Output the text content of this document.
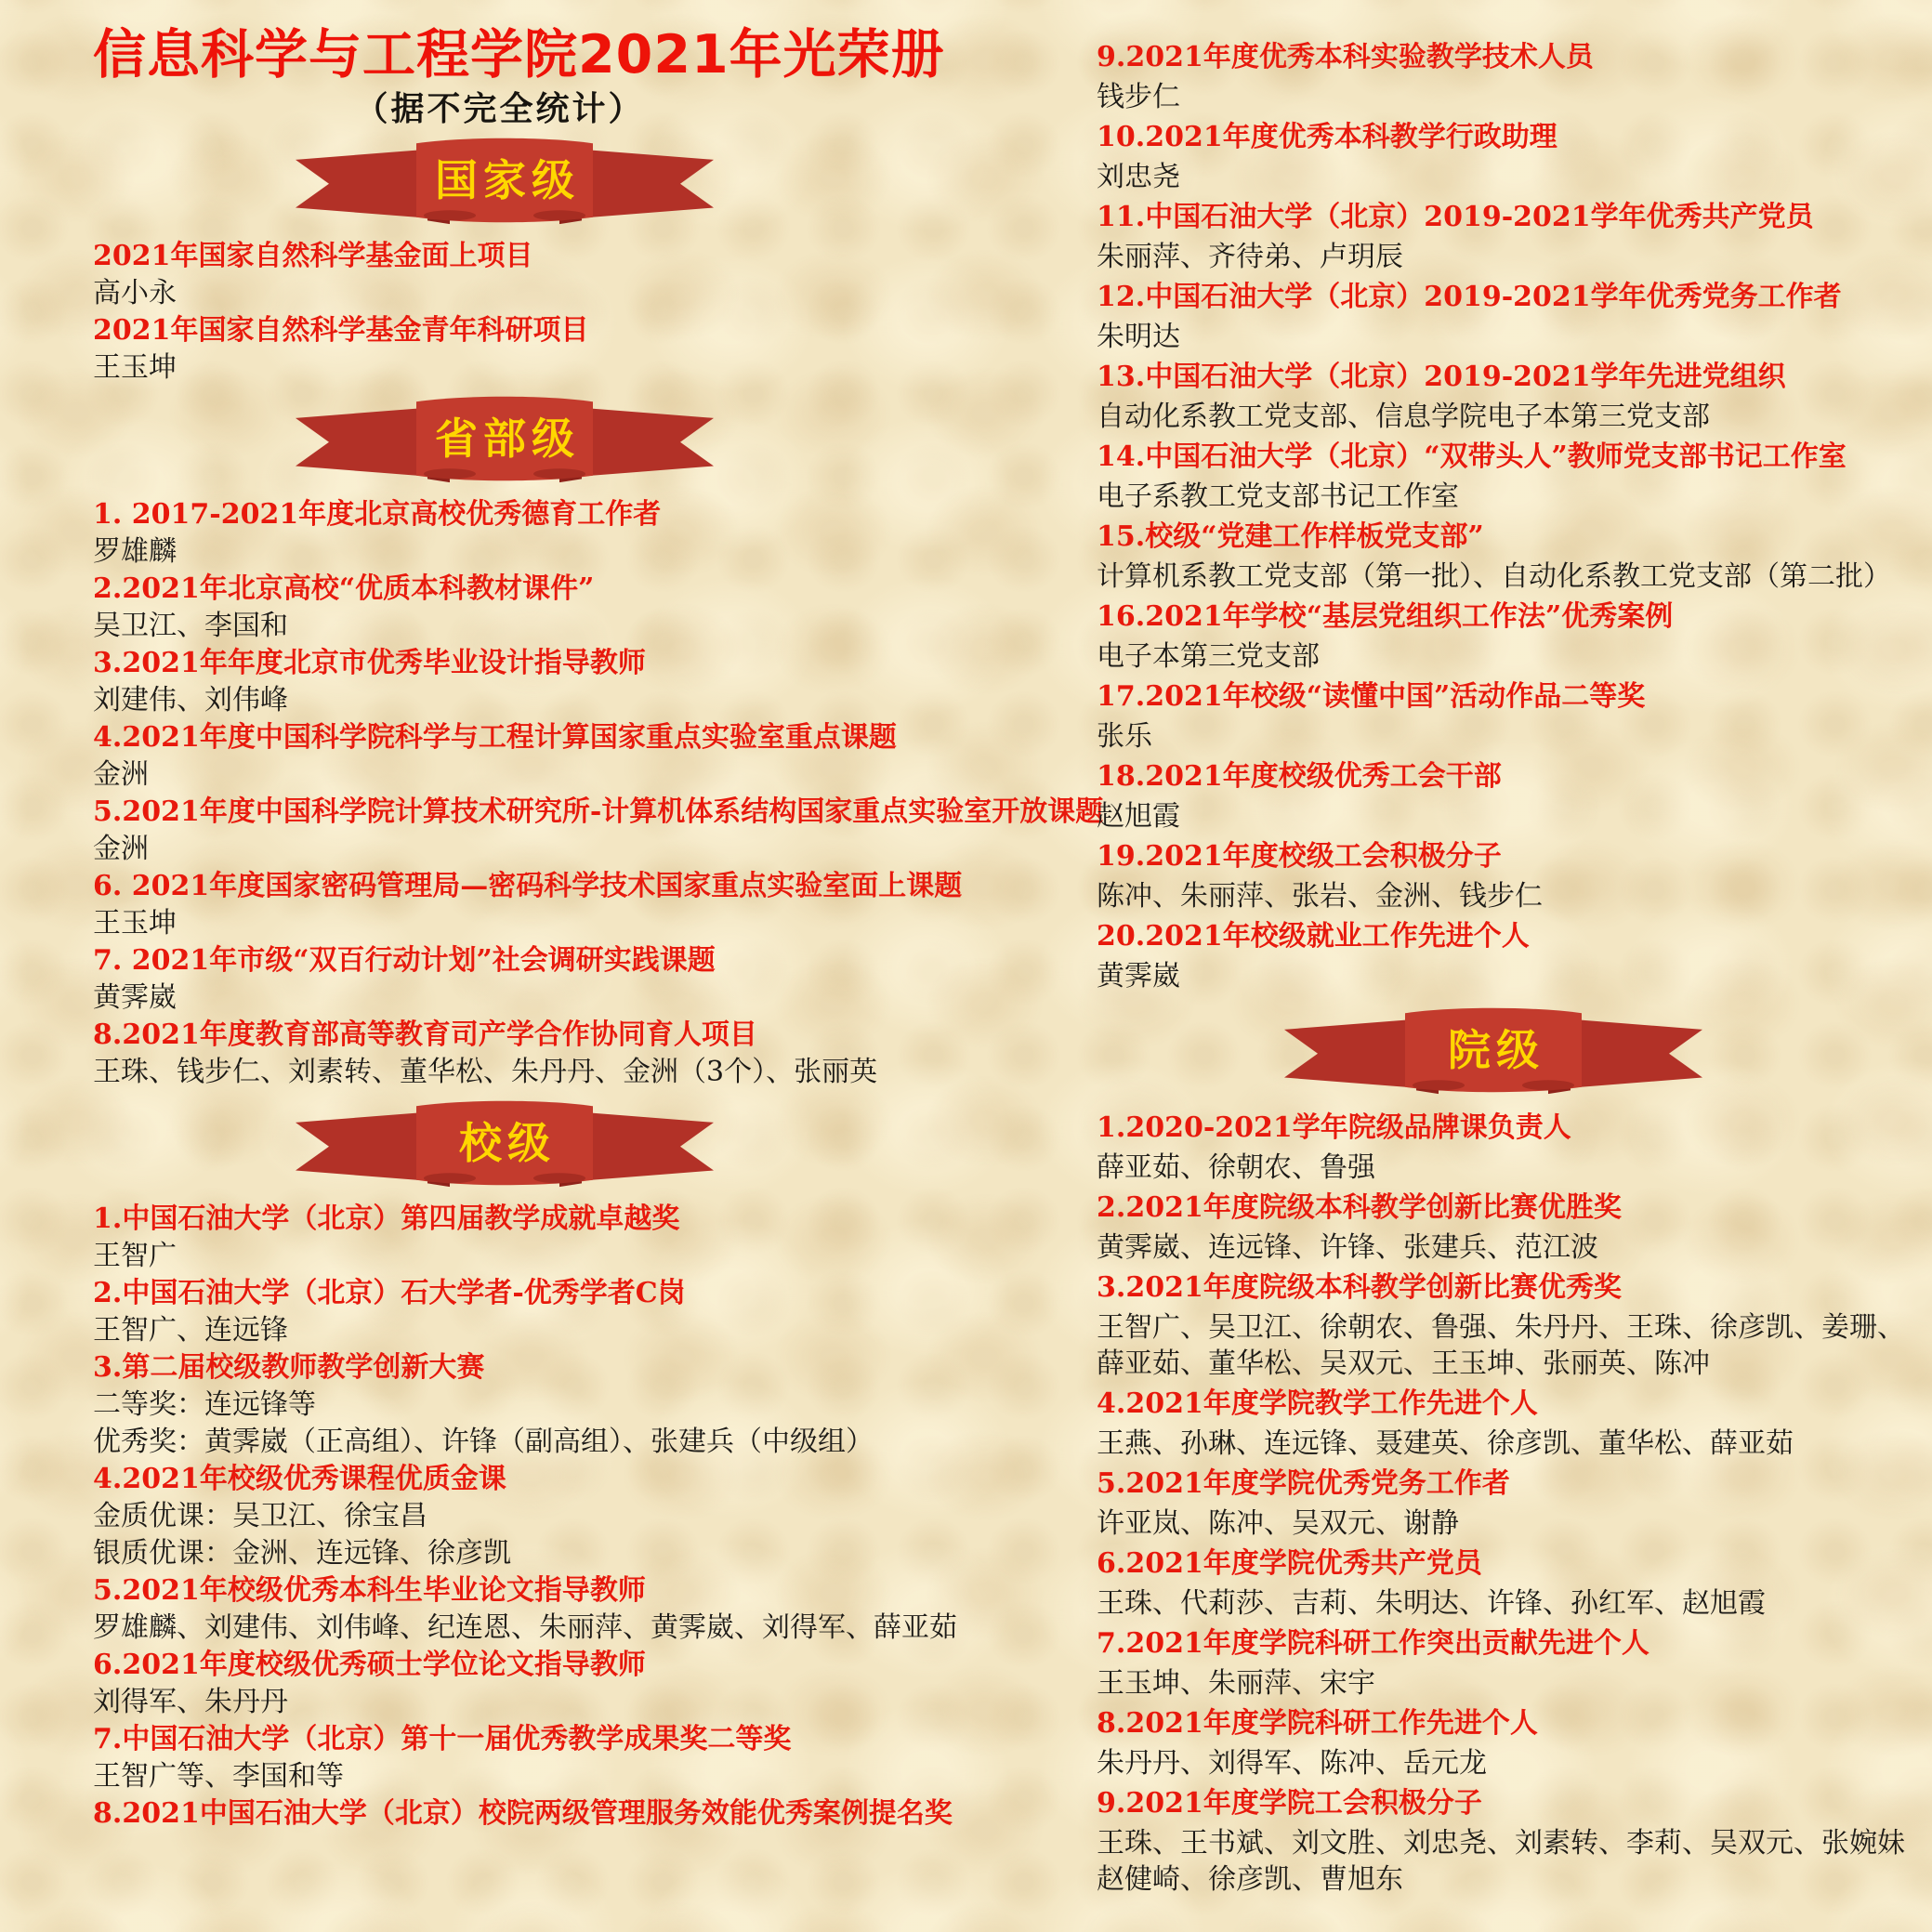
信息科学与工程学院2021年光荣册

（据不完全统计）

国家级
2021年国家自然科学基金面上项目
高小永
2021年国家自然科学基金青年科研项目
王玉坤
省部级
1. 2017-2021年度北京高校优秀德育工作者
罗雄麟
2.2021年北京高校“优质本科教材课件”
吴卫江、李国和
3.2021年年度北京市优秀毕业设计指导教师
刘建伟、刘伟峰
4.2021年度中国科学院科学与工程计算国家重点实验室重点课题
金洲
5.2021年度中国科学院计算技术研究所-计算机体系结构国家重点实验室开放课题
金洲
6. 2021年度国家密码管理局—密码科学技术国家重点实验室面上课题
王玉坤
7. 2021年市级“双百行动计划”社会调研实践课题
黄霁崴
8.2021年度教育部高等教育司产学合作协同育人项目
王珠、钱步仁、刘素转、董华松、朱丹丹、金洲（3个）、张丽英
校级
1.中国石油大学（北京）第四届教学成就卓越奖
王智广
2.中国石油大学（北京）石大学者-优秀学者C岗
王智广、连远锋
3.第二届校级教师教学创新大赛
二等奖：连远锋等
优秀奖：黄霁崴（正高组）、许锋（副高组）、张建兵（中级组）
4.2021年校级优秀课程优质金课
金质优课：吴卫江、徐宝昌
银质优课：金洲、连远锋、徐彦凯
5.2021年校级优秀本科生毕业论文指导教师
罗雄麟、刘建伟、刘伟峰、纪连恩、朱丽萍、黄霁崴、刘得军、薛亚茹
6.2021年度校级优秀硕士学位论文指导教师
刘得军、朱丹丹
7.中国石油大学（北京）第十一届优秀教学成果奖二等奖
王智广等、李国和等
8.2021中国石油大学（北京）校院两级管理服务效能优秀案例提名奖
9.2021年度优秀本科实验教学技术人员
钱步仁
10.2021年度优秀本科教学行政助理
刘忠尧
11.中国石油大学（北京）2019-2021学年优秀共产党员
朱丽萍、齐待弟、卢玥辰
12.中国石油大学（北京）2019-2021学年优秀党务工作者
朱明达
13.中国石油大学（北京）2019-2021学年先进党组织
自动化系教工党支部、信息学院电子本第三党支部
14.中国石油大学（北京）“双带头人”教师党支部书记工作室
电子系教工党支部书记工作室
15.校级“党建工作样板党支部”
计算机系教工党支部（第一批）、自动化系教工党支部（第二批）
16.2021年学校“基层党组织工作法”优秀案例
电子本第三党支部
17.2021年校级“读懂中国”活动作品二等奖
张乐
18.2021年度校级优秀工会干部
赵旭霞
19.2021年度校级工会积极分子
陈冲、朱丽萍、张岩、金洲、钱步仁
20.2021年校级就业工作先进个人
黄霁崴
院级
1.2020-2021学年院级品牌课负责人
薛亚茹、徐朝农、鲁强
2.2021年度院级本科教学创新比赛优胜奖
黄霁崴、连远锋、许锋、张建兵、范江波
3.2021年度院级本科教学创新比赛优秀奖
王智广、吴卫江、徐朝农、鲁强、朱丹丹、王珠、徐彦凯、姜珊、薛亚茹、董华松、吴双元、王玉坤、张丽英、陈冲
4.2021年度学院教学工作先进个人
王燕、孙琳、连远锋、聂建英、徐彦凯、董华松、薛亚茹
5.2021年度学院优秀党务工作者
许亚岚、陈冲、吴双元、谢静
6.2021年度学院优秀共产党员
王珠、代莉莎、吉莉、朱明达、许锋、孙红军、赵旭霞
7.2021年度学院科研工作突出贡献先进个人
王玉坤、朱丽萍、宋宇
8.2021年度学院科研工作先进个人
朱丹丹、刘得军、陈冲、岳元龙
9.2021年度学院工会积极分子
王珠、王书斌、刘文胜、刘忠尧、刘素转、李莉、吴双元、张婉妹 赵健崎、徐彦凯、曹旭东
